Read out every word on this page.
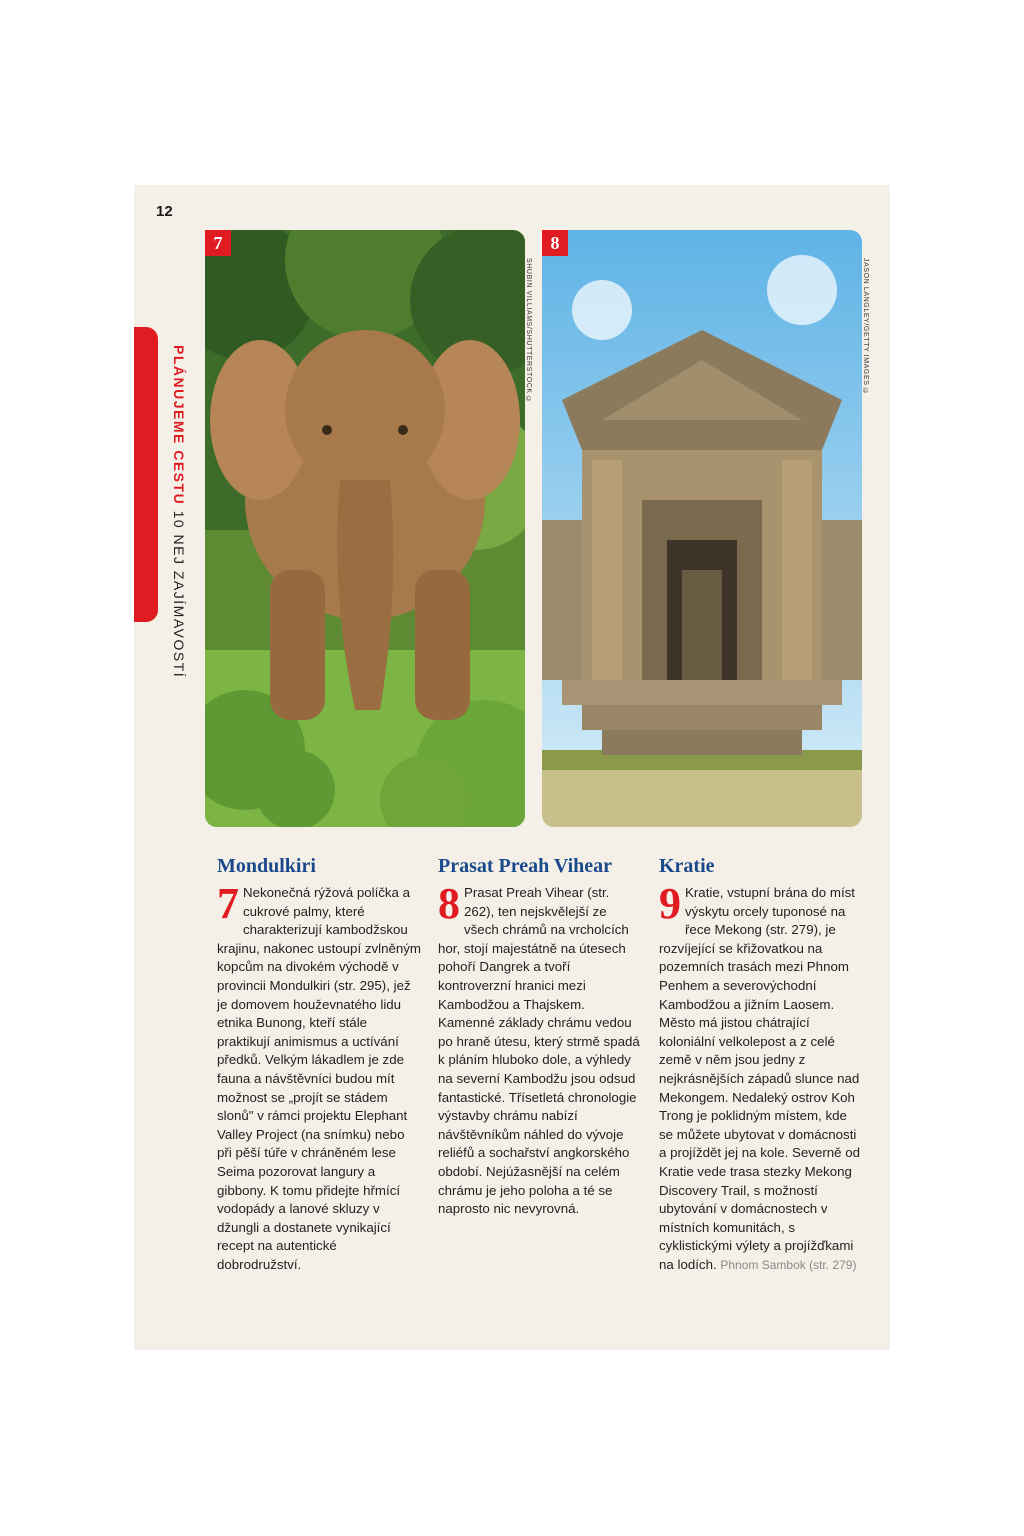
12
PLÁNUJEME CESTU 10 NEJ ZAJÍMAVOSTÍ
7
SHUBIN VILLIAMS/SHUTTERSTOCK ©
8
JASON LANGLEY/GETTY IMAGES ©
Mondulkiri

7 Nekonečná rýžová políčka a cukrové palmy, které charakterizují kambodžskou krajinu, nakonec ustoupí zvlněným kopcům na divokém východě v provincii Mondulkiri (str. 295), jež je domovem houževnatého lidu etnika Bunong, kteří stále praktikují animismus a uctívání předků. Velkým lákadlem je zde fauna a návštěvníci budou mít možnost se „projít se stádem slonů" v rámci projektu Elephant Valley Project (na snímku) nebo při pěší túře v chráněném lese Seima pozorovat langury a gibbony. K tomu přidejte hřmící vodopády a lanové skluzy v džungli a dostanete vynikající recept na autentické dobrodružství.

Prasat Preah Vihear

8 Prasat Preah Vihear (str. 262), ten nejskvělejší ze všech chrámů na vrcholcích hor, stojí majestátně na útesech pohoří Dangrek a tvoří kontroverzní hranici mezi Kambodžou a Thajskem. Kamenné základy chrámu vedou po hraně útesu, který strmě spadá k pláním hluboko dole, a výhledy na severní Kambodžu jsou odsud fantastické. Třísetletá chronologie výstavby chrámu nabízí návštěvníkům náhled do vývoje reliéfů a sochařství angkorského období. Nejúžasnější na celém chrámu je jeho poloha a té se naprosto nic nevyrovná.

Kratie

9 Kratie, vstupní brána do míst výskytu orcely tuponosé na řece Mekong (str. 279), je rozvíjející se křižovatkou na pozemních trasách mezi Phnom Penhem a severovýchodní Kambodžou a jižním Laosem. Město má jistou chátrající koloniální velkolepost a z celé země v něm jsou jedny z nejkrásnějších západů slunce nad Mekongem. Nedaleký ostrov Koh Trong je poklidným místem, kde se můžete ubytovat v domácnosti a projíždět jej na kole. Severně od Kratie vede trasa stezky Mekong Discovery Trail, s možností ubytování v domácnostech v místních komunitách, s cyklistickými výlety a projížďkami na lodích. Phnom Sambok (str. 279)
